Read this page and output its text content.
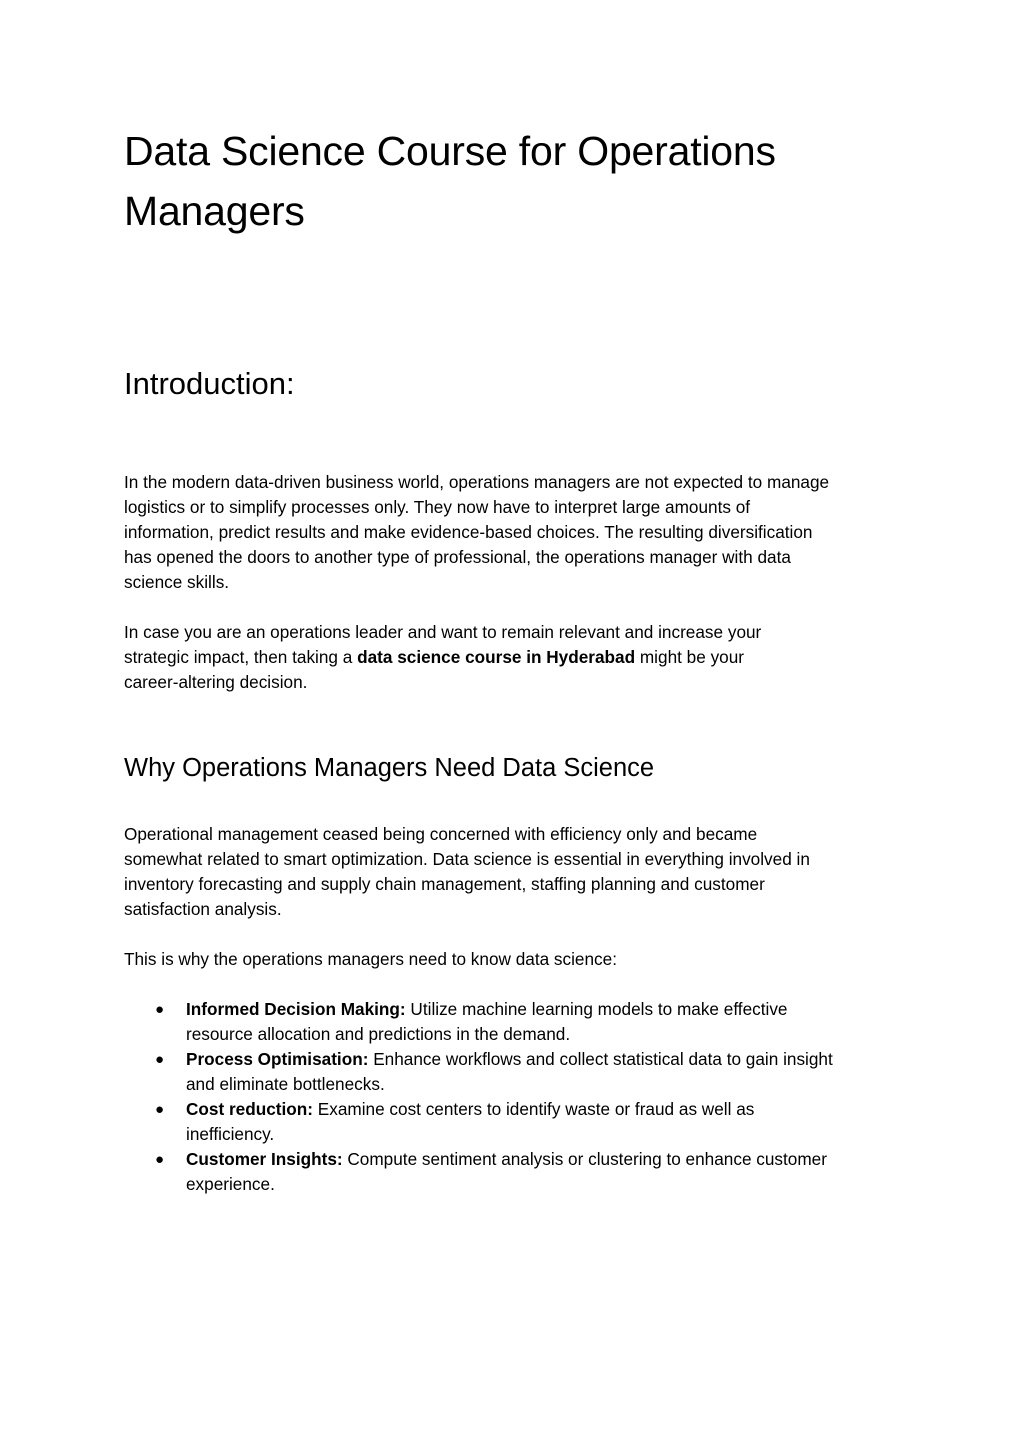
Data Science Course for Operations
Managers
Introduction:

In the modern data-driven business world, operations managers are not expected to manage
logistics or to simplify processes only. They now have to interpret large amounts of
information, predict results and make evidence-based choices. The resulting diversification
has opened the doors to another type of professional, the operations manager with data
science skills.

In case you are an operations leader and want to remain relevant and increase your
strategic impact, then taking a data science course in Hyderabad might be your
career-altering decision.

Why Operations Managers Need Data Science

Operational management ceased being concerned with efficiency only and became
somewhat related to smart optimization. Data science is essential in everything involved in
inventory forecasting and supply chain management, staffing planning and customer
satisfaction analysis.

This is why the operations managers need to know data science:

● Informed Decision Making: Utilize machine learning models to make effective
resource allocation and predictions in the demand.
● Process Optimisation: Enhance workflows and collect statistical data to gain insight
and eliminate bottlenecks.
● Cost reduction: Examine cost centers to identify waste or fraud as well as
inefficiency.
● Customer Insights: Compute sentiment analysis or clustering to enhance customer
experience.
